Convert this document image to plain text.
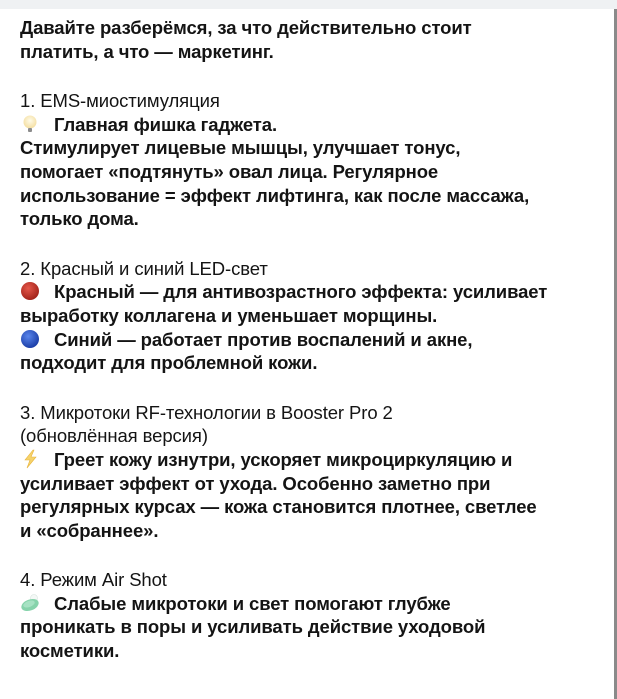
Давайте разберёмся, за что действительно стоит
платить, а что — маркетинг.
1. EMS-миостимуляция
Главная фишка гаджета.
Стимулирует лицевые мышцы, улучшает тонус,
помогает «подтянуть» овал лица. Регулярное
использование = эффект лифтинга, как после массажа,
только дома.
2. Красный и синий LED-свет
Красный — для антивозрастного эффекта: усиливает
выработку коллагена и уменьшает морщины.
Синий — работает против воспалений и акне,
подходит для проблемной кожи.
3. Микротоки RF-технологии в Booster Pro 2
(обновлённая версия)
Греет кожу изнутри, ускоряет микроциркуляцию и
усиливает эффект от ухода. Особенно заметно при
регулярных курсах — кожа становится плотнее, светлее
и «собраннее».
4. Режим Air Shot
Слабые микротоки и свет помогают глубже
проникать в поры и усиливать действие уходовой
косметики.
